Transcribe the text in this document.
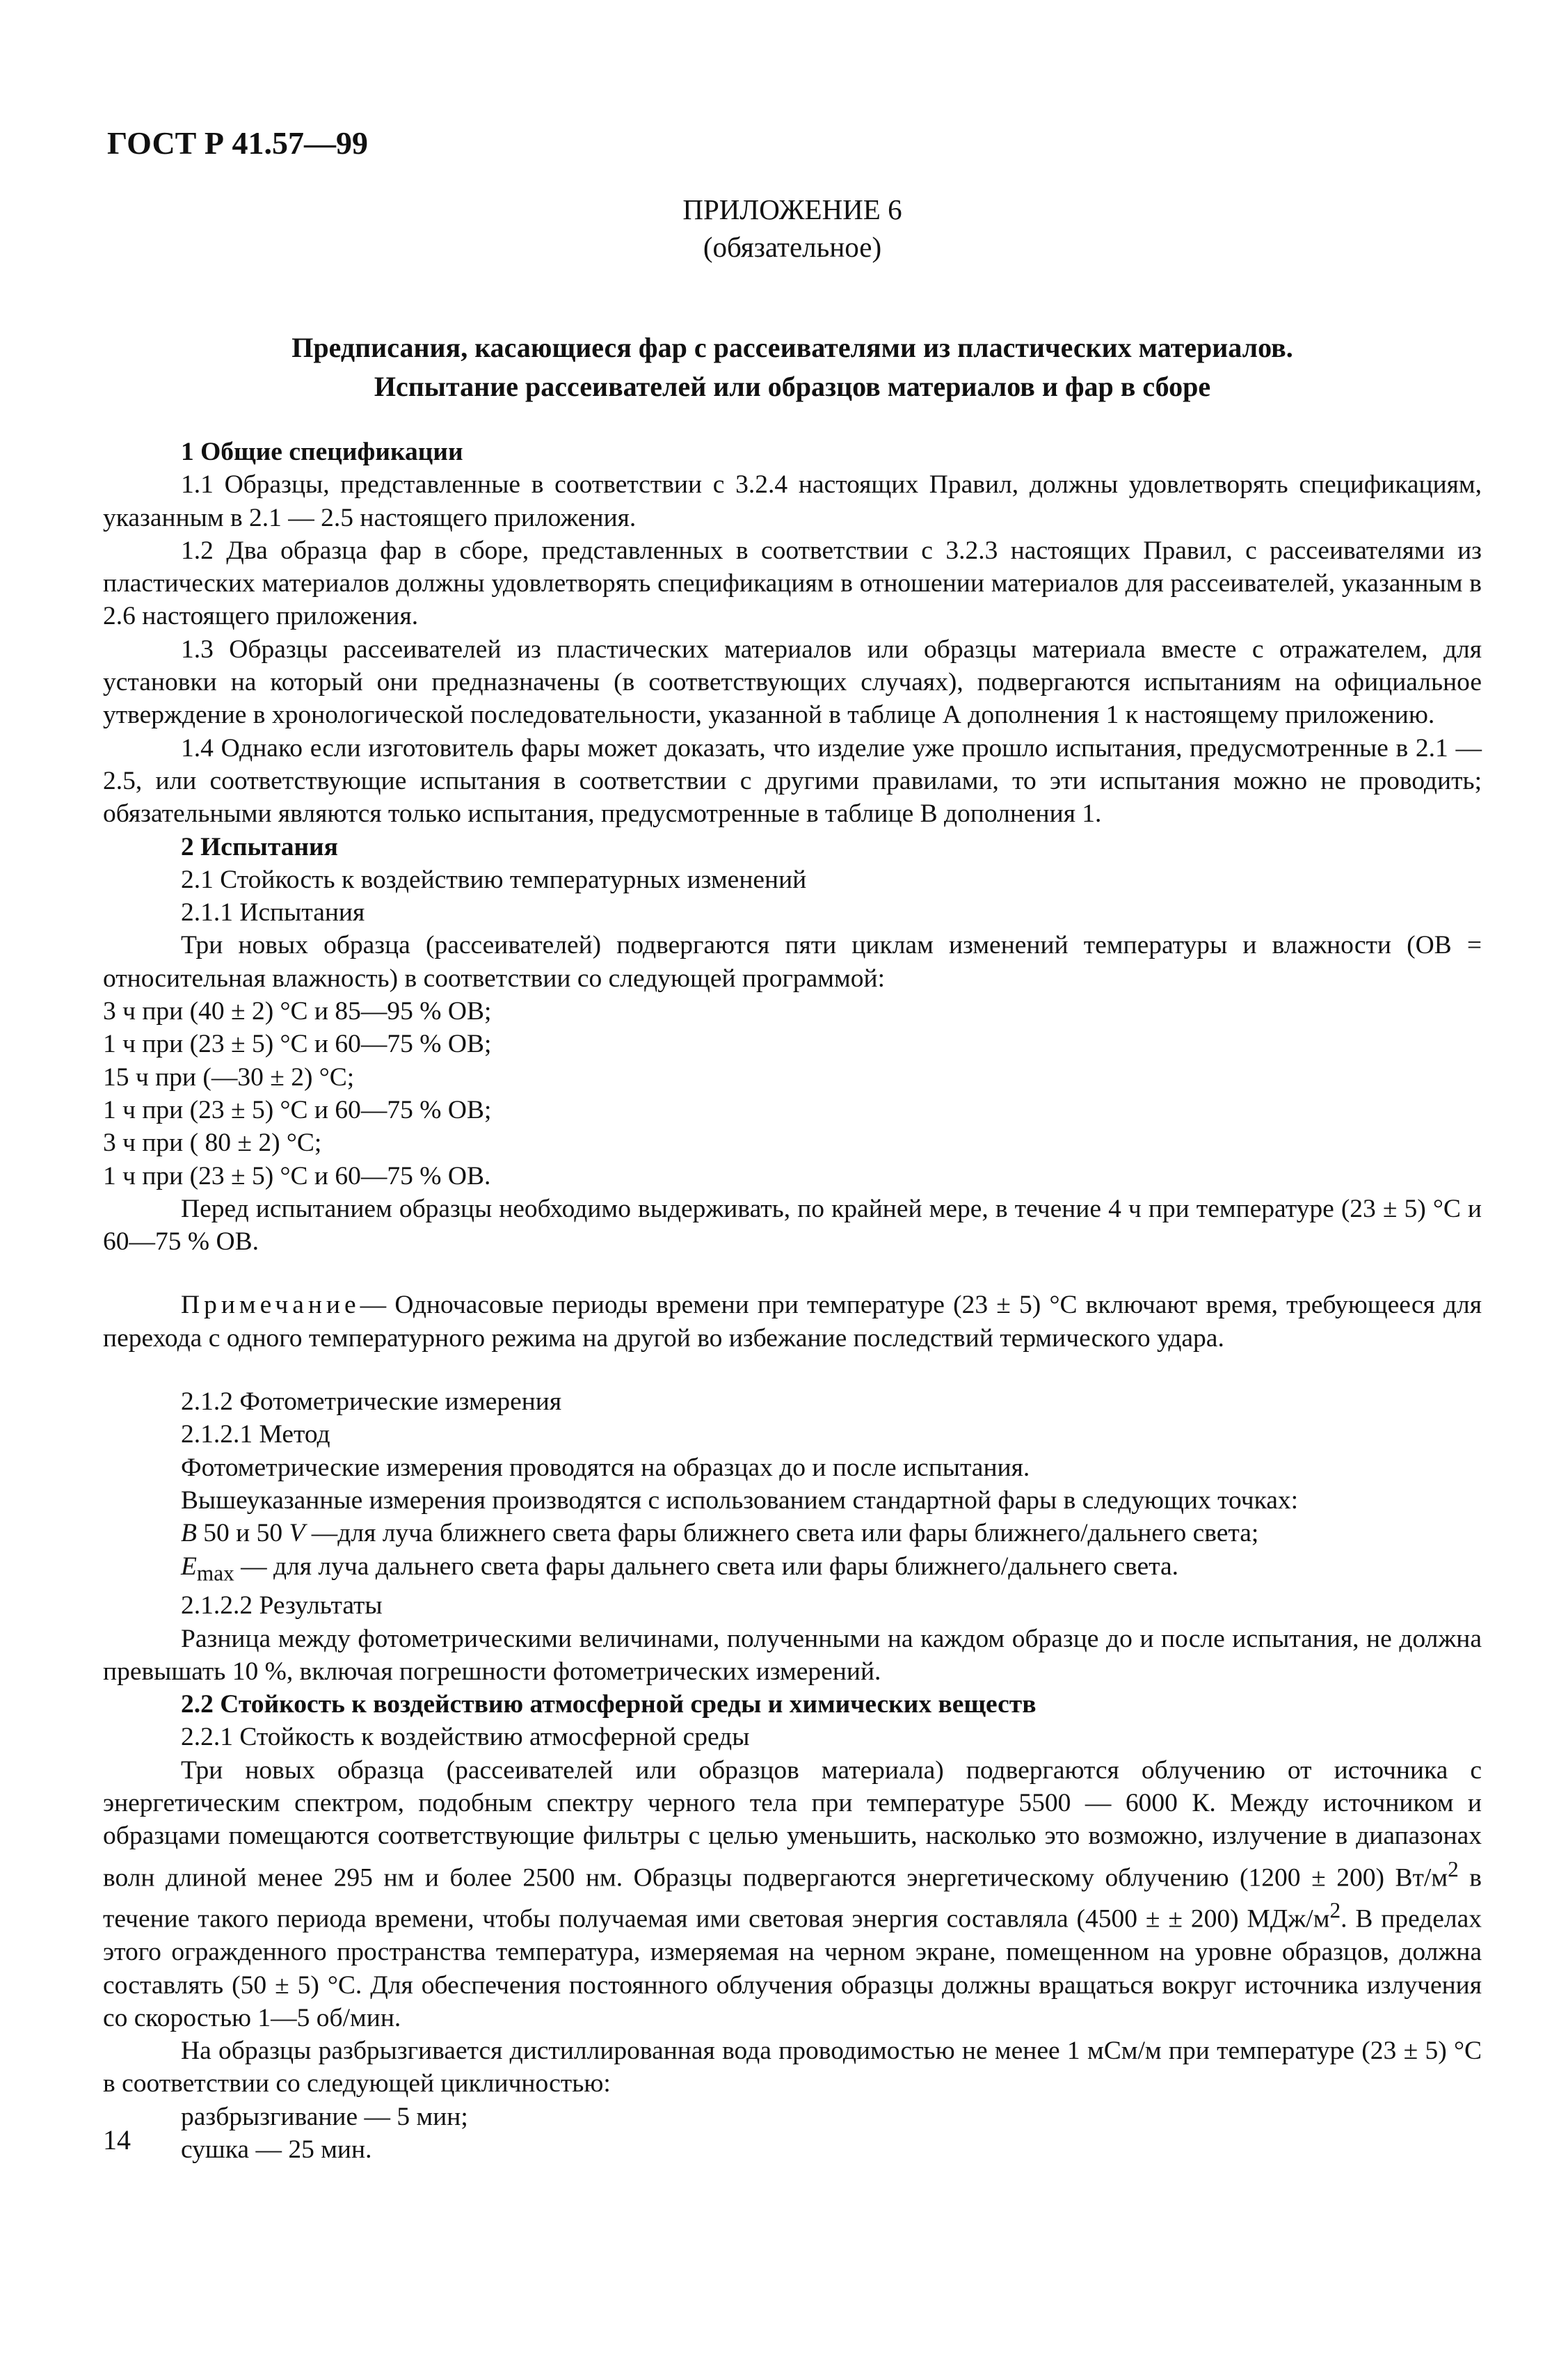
ГОСТ Р 41.57—99
ПРИЛОЖЕНИЕ 6
(обязательное)
Предписания, касающиеся фар с рассеивателями из пластических материалов.
Испытание рассеивателей или образцов материалов и фар в сборе

1 Общие спецификации

1.1 Образцы, представленные в соответствии с 3.2.4 настоящих Правил, должны удовлетворять спецификациям, указанным в 2.1 — 2.5 настоящего приложения.

1.2 Два образца фар в сборе, представленных в соответствии с 3.2.3 настоящих Правил, с рассеивателями из пластических материалов должны удовлетворять спецификациям в отношении материалов для рассеивателей, указанным в 2.6 настоящего приложения.

1.3 Образцы рассеивателей из пластических материалов или образцы материала вместе с отражателем, для установки на который они предназначены (в соответствующих случаях), подвергаются испытаниям на официальное утверждение в хронологической последовательности, указанной в таблице А дополнения 1 к настоящему приложению.

1.4 Однако если изготовитель фары может доказать, что изделие уже прошло испытания, предусмотренные в 2.1 — 2.5, или соответствующие испытания в соответствии с другими правилами, то эти испытания можно не проводить; обязательными являются только испытания, предусмотренные в таблице В дополнения 1.

2 Испытания

2.1 Стойкость к воздействию температурных изменений

2.1.1 Испытания

Три новых образца (рассеивателей) подвергаются пяти циклам изменений температуры и влажности (ОВ = относительная влажность) в соответствии со следующей программой:

3 ч при (40 ± 2) °С и 85—95 % ОВ;

1 ч при (23 ± 5) °С и 60—75 % ОВ;

15 ч при (—30 ± 2) °С;

1 ч при (23 ± 5) °С и 60—75 % ОВ;

3 ч при ( 80 ± 2) °С;

1 ч при (23 ± 5) °С и 60—75 % ОВ.

Перед испытанием образцы необходимо выдерживать, по крайней мере, в течение 4 ч при температуре (23 ± 5) °С и 60—75 % ОВ.

Примечание— Одночасовые периоды времени при температуре (23 ± 5) °С включают время, требующееся для перехода с одного температурного режима на другой во избежание последствий термического удара.

2.1.2 Фотометрические измерения

2.1.2.1 Метод

Фотометрические измерения проводятся на образцах до и после испытания.

Вышеуказанные измерения производятся с использованием стандартной фары в следующих точках:

B 50 и 50 V —для луча ближнего света фары ближнего света или фары ближнего/дальнего света;

$E_{max}$ — для луча дальнего света фары дальнего света или фары ближнего/дальнего света.

2.1.2.2 Результаты

Разница между фотометрическими величинами, полученными на каждом образце до и после испытания, не должна превышать 10 %, включая погрешности фотометрических измерений.

2.2 Стойкость к воздействию атмосферной среды и химических веществ

2.2.1 Стойкость к воздействию атмосферной среды

Три новых образца (рассеивателей или образцов материала) подвергаются облучению от источника с энергетическим спектром, подобным спектру черного тела при температуре 5500 — 6000 К. Между источником и образцами помещаются соответствующие фильтры с целью уменьшить, насколько это возможно, излучение в диапазонах волн длиной менее 295 нм и более 2500 нм. Образцы подвергаются энергетическому облучению (1200 ± 200) $Вт/м^2$ в течение такого периода времени, чтобы получаемая ими световая энергия составляла (4500 ± ± 200) МДж/$м^2$. В пределах этого огражденного пространства температура, измеряемая на черном экране, помещенном на уровне образцов, должна составлять (50 ± 5) °С. Для обеспечения постоянного облучения образцы должны вращаться вокруг источника излучения со скоростью 1—5 об/мин.

На образцы разбрызгивается дистиллированная вода проводимостью не менее 1 мСм/м при температуре (23 ± 5) °С в соответствии со следующей цикличностью:

разбрызгивание — 5 мин;

сушка — 25 мин.

14
